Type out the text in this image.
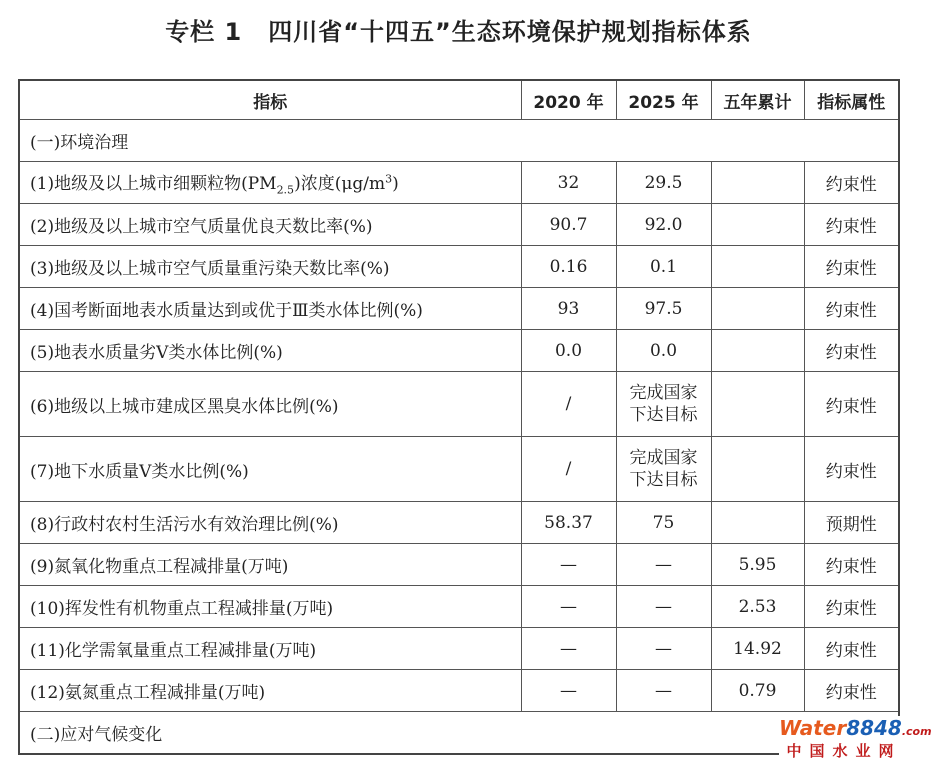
专栏 1 四川省“十四五”生态环境保护规划指标体系
指标	2020 年	2025 年	五年累计	指标属性
(一)环境治理				
(1)地级及以上城市细颗粒物$(PM_{2.5})$浓度$(\mu g/m^3)$	32	29.5		约束性
(2)地级及以上城市空气质量优良天数比率(%)	90.7	92.0		约束性
(3)地级及以上城市空气质量重污染天数比率(%)	0.16	0.1		约束性
(4)国考断面地表水质量达到或优于Ⅲ类水体比例(%)	93	97.5		约束性
(5)地表水质量劣Ⅴ类水体比例(%)	0.0	0.0		约束性
(6)地级以上城市建成区黑臭水体比例(%)	/	完成国家下达目标		约束性
(7)地下水质量Ⅴ类水比例(%)	/	完成国家下达目标		约束性
(8)行政村农村生活污水有效治理比例(%)	58.37	75		预期性
(9)氮氧化物重点工程减排量(万吨)	—	—	5.95	约束性
(10)挥发性有机物重点工程减排量(万吨)	—	—	2.53	约束性
(11)化学需氧量重点工程减排量(万吨)	—	—	14.92	约束性
(12)氨氮重点工程减排量(万吨)	—	—	0.79	约束性
(二)应对气候变化					Water8848.com
中国水业网
